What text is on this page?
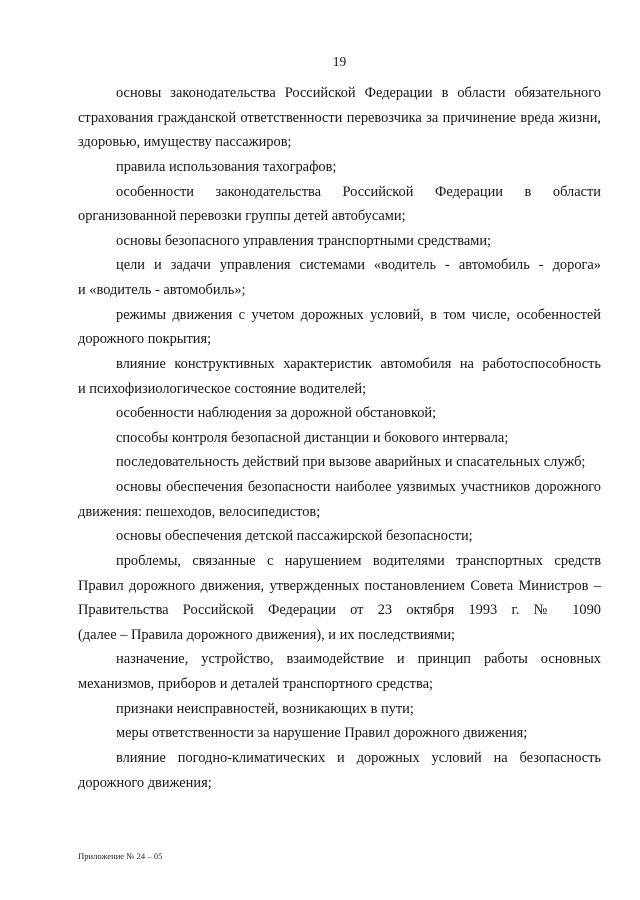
19
основы законодательства Российской Федерации в области обязательного
страхования гражданской ответственности перевозчика за причинение вреда жизни,
здоровью, имуществу пассажиров;
правила использования тахографов;
особенности законодательства Российской Федерации в области
организованной перевозки группы детей автобусами;
основы безопасного управления транспортными средствами;
цели и задачи управления системами «водитель - автомобиль - дорога»
и «водитель - автомобиль»;
режимы движения с учетом дорожных условий, в том числе, особенностей
дорожного покрытия;
влияние конструктивных характеристик автомобиля на работоспособность
и психофизиологическое состояние водителей;
особенности наблюдения за дорожной обстановкой;
способы контроля безопасной дистанции и бокового интервала;
последовательность действий при вызове аварийных и спасательных служб;
основы обеспечения безопасности наиболее уязвимых участников дорожного
движения: пешеходов, велосипедистов;
основы обеспечения детской пассажирской безопасности;
проблемы, связанные с нарушением водителями транспортных средств
Правил дорожного движения, утвержденных постановлением Совета Министров –
Правительства Российской Федерации от 23 октября 1993 г. № 1090
(далее – Правила дорожного движения), и их последствиями;
назначение, устройство, взаимодействие и принцип работы основных
механизмов, приборов и деталей транспортного средства;
признаки неисправностей, возникающих в пути;
меры ответственности за нарушение Правил дорожного движения;
влияние погодно-климатических и дорожных условий на безопасность
дорожного движения;
Приложение № 24 – 05
